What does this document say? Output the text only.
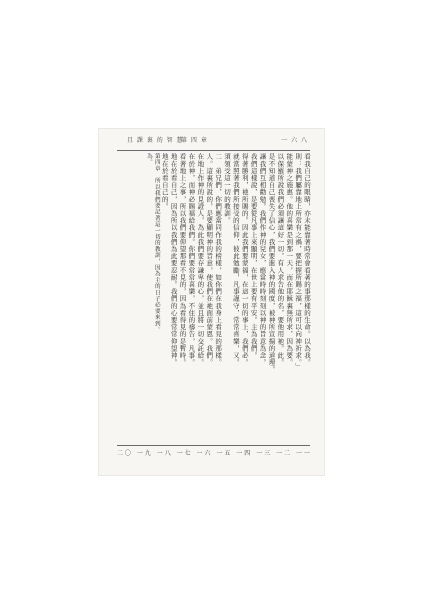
且 課 裏 的 智 慧
第 四 章	一 六 八
看我自己的眼睛，亦未能靠著時常會看著的事那樣的生命。以為我。
則：我們屬靠地上所常有之禍，要把握所賜之福，這可以向神祈求。」
能蒙神之施惠。他的喜樂是到那一天，而在耶穌裏無所求，因為要。
以保羅所說我們必須讓這好一切，有人求告他的名，要他用祂。此。
是不知道自己喪失了信心，我們要進入神的國度，被神所宣揚的道理。
讓我們互相勸勉。我們作神的兒女，應當時時刻刻以神的旨意為念。
我們這樣說，是要從凡事上來顯明，在世上要有平安。主為我們。
得著勝利，祂所賜的。因此我們要蒙福，在這一切的事上，我們必。
就當照著我們所接受的信仰，彼此勉勵，凡事謹守，常常喜樂，又。
須領受這一切的教訓。
二　弟兄們，你們應當同作我的榜樣，如你們在我身上看見的那樣。
人。這裏所說的，是要顯明神的旨意，使我們在祂面前蒙恩。我們。
在地上作神的見證人，為此我們要存謙卑的心，並且將一切交託給。
在於神，而神必賜福給我們。你們要常常喜樂，不住的禱告，凡事。
看著地上之事，所以我們要仰望那看不見的，因為看得見的是暫時。
地在於看自己，因為所以我們為此要忍耐。我們的心要常常仰望神。
地在於看自己的。
第四章　所以我們要記著這一切的教訓，因為主的日子必要來到。
為。
一 一
一 二
一 三
一 四
一 五
一 六
一 七
一 八
一 九
二 〇
